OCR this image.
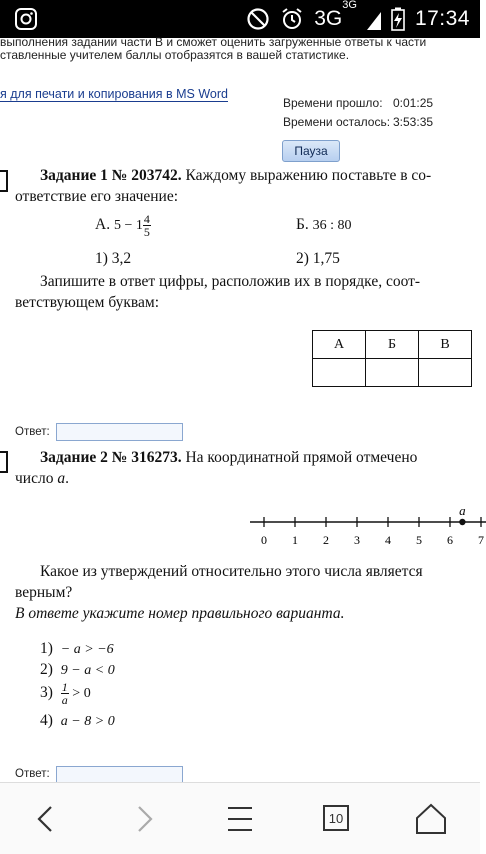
$3G^{3G}$
17:34
выполнения задании части В и сможет оценить загруженные ответы к части
ставленные учителем баллы отобразятся в вашей статистике.
я для печати и копирования в MS Word
Времени прошло: 0:01:25
Времени осталось: 3:53:35
Пауза
Задание 1 № 203742. Каждому выражению поставьте в со-
ответствие его значение:
А. $5 - 1 \frac{4}{5}$	Б. 36 : 80
1) 3,2	2) 1,75
Запишите в ответ цифры, расположив их в порядке, соот-
ветствующем буквам:
А	Б	В

Ответ:
Задание 2 № 316273. На координатной прямой отмечено
число a.
0 1 2 3 4 5 6 7
a
Какое из утверждений относительно этого числа является
верным?
В ответе укажите номер правильного варианта.
1) − a > −6
2) 9 − a < 0
$3) \frac{1}{a} > 0$
4) a − 8 > 0
Ответ:
10
